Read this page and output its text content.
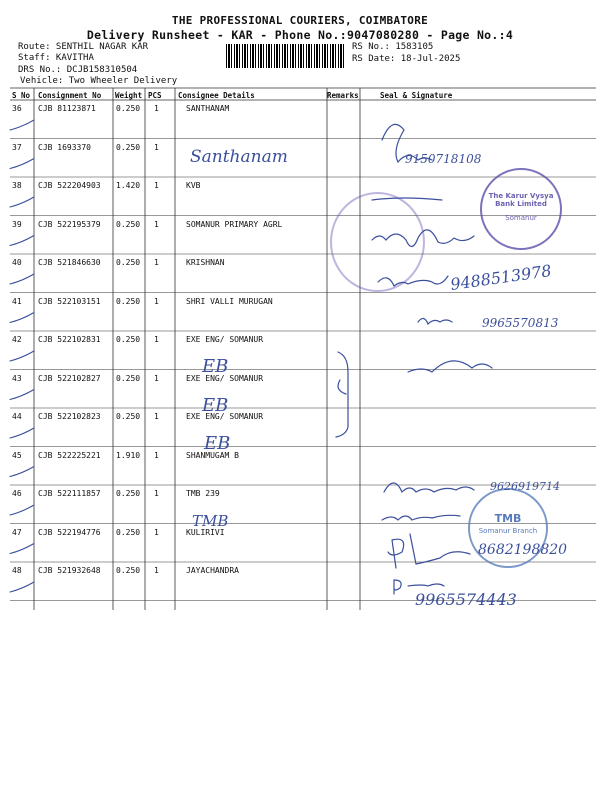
THE PROFESSIONAL COURIERS, COIMBATORE
Delivery Runsheet - KAR - Phone No.:9047080280 - Page No.:4
Route: SENTHIL NAGAR KAR
Staff: KAVITHA
DRS No.: DCJB158310504
Vehicle: Two Wheeler Delivery
RS No.: 1583105
RS Date: 18-Jul-2025
S No Consignment No Weight PCS Consignee Details	Remarks	Seal & Signature
36 CJB 81123871	0.250 1	SANTHANAM
37 CJB 1693370	0.250 1
38 CJB 522204903 1.420 1	KVB
39 CJB 522195379 0.250 1	SOMANUR PRIMARY AGRL
40 CJB 521846630 0.250 1	KRISHNAN
41 CJB 522103151 0.250 1	SHRI VALLI MURUGAN
42 CJB 522102831 0.250 1	EXE ENG/ SOMANUR
43 CJB 522102827 0.250 1	EXE ENG/ SOMANUR
44 CJB 522102823 0.250 1	EXE ENG/ SOMANUR
45 CJB 522225221 1.910 1	SHANMUGAM B
46 CJB 522111857 0.250 1	TMB 239
47 CJB 522194776 0.250 1	KULIRIVI
48 CJB 521932648 0.250 1	JAYACHANDRA
The Karur Vysya Bank Limited
Somanur
TMB
Somanur Branch
Santhanam	9150718108
9488513978
9965570813
EB
EB
EB
9626919714
TMB
8682198820
9965574443
